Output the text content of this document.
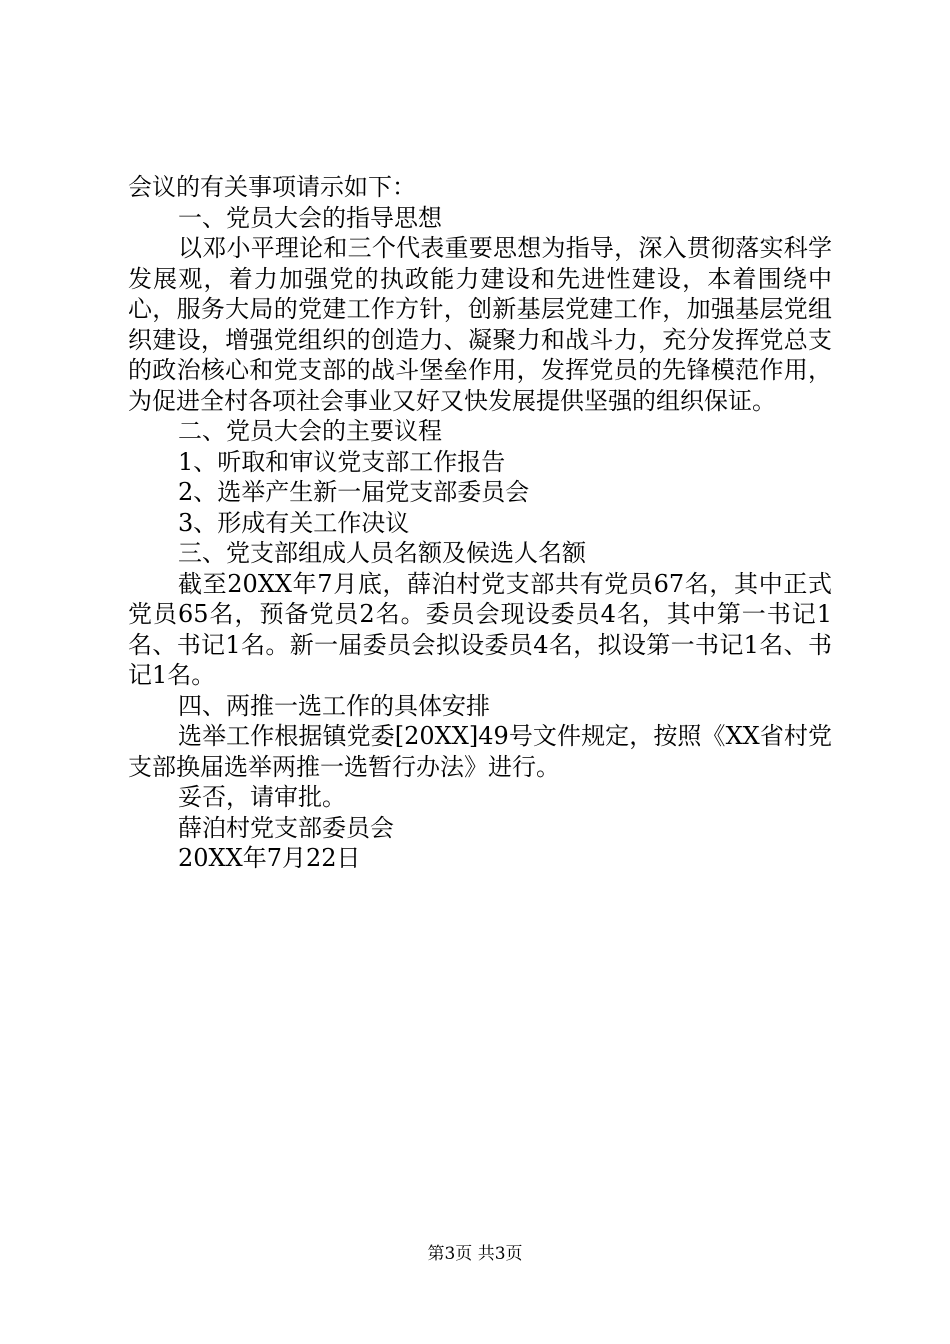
会议的有关事项请示如下：

一、党员大会的指导思想

以邓小平理论和三个代表重要思想为指导，深入贯彻落实科学发展观，着力加强党的执政能力建设和先进性建设，本着围绕中心，服务大局的党建工作方针，创新基层党建工作，加强基层党组织建设，增强党组织的创造力、凝聚力和战斗力，充分发挥党总支的政治核心和党支部的战斗堡垒作用，发挥党员的先锋模范作用，为促进全村各项社会事业又好又快发展提供坚强的组织保证。

二、党员大会的主要议程

1、听取和审议党支部工作报告

2、选举产生新一届党支部委员会

3、形成有关工作决议

三、党支部组成人员名额及候选人名额

截至20XX年7月底，薛泊村党支部共有党员67名，其中正式党员65名，预备党员2名。委员会现设委员4名，其中第一书记1名、书记1名。新一届委员会拟设委员4名，拟设第一书记1名、书记1名。

四、两推一选工作的具体安排

选举工作根据镇党委[20XX]49号文件规定，按照《XX省村党支部换届选举两推一选暂行办法》进行。

妥否，请审批。

薛泊村党支部委员会

20XX年7月22日

第3页 共3页
